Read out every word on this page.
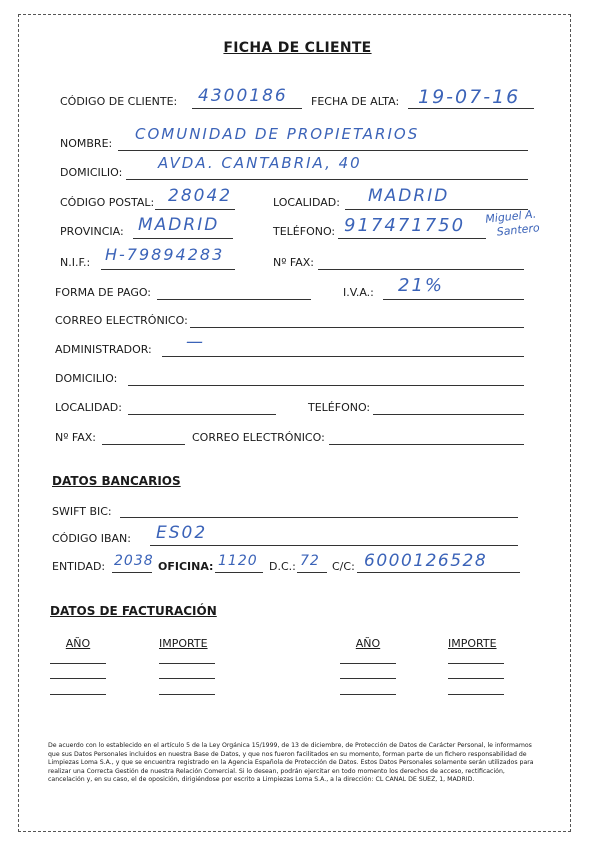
FICHA DE CLIENTE
CÓDIGO DE CLIENTE: 4300186 FECHA DE ALTA: 19-07-16
NOMBRE:
COMUNIDAD DE PROPIETARIOS
DOMICILIO:
AVDA. CANTABRIA, 40
CÓDIGO POSTAL: 28042	LOCALIDAD: MADRID
PROVINCIA: MADRID	TELÉFONO: 917471750 Miguel A.
Santero
N.I.F.: H-79894283	Nº FAX:
FORMA DE PAGO:	I.V.A.: 21%
CORREO ELECTRÓNICO:
ADMINISTRADOR: —
DOMICILIO:
LOCALIDAD:	TELÉFONO:
Nº FAX:	CORREO ELECTRÓNICO:
DATOS BANCARIOS
SWIFT BIC:
CÓDIGO IBAN: ES02
ENTIDAD: 2038 OFICINA: 1120 D.C.: 72 C/C: 6000126528
DATOS DE FACTURACIÓN
AÑO	IMPORTE	AÑO	IMPORTE
De acuerdo con lo establecido en el artículo 5 de la Ley Orgánica 15/1999, de 13 de diciembre, de Protección de Datos de Carácter Personal, le informamos que sus Datos Personales incluidos en nuestra Base de Datos, y que nos fueron facilitados en su momento, forman parte de un fichero responsabilidad de Limpiezas Loma S.A., y que se encuentra registrado en la Agencia Española de Protección de Datos. Estos Datos Personales solamente serán utilizados para realizar una Correcta Gestión de nuestra Relación Comercial. Si lo desean, podrán ejercitar en todo momento los derechos de acceso, rectificación, cancelación y, en su caso, el de oposición, dirigiéndose por escrito a Limpiezas Loma S.A., a la dirección: CL CANAL DE SUEZ, 1, MADRID.
